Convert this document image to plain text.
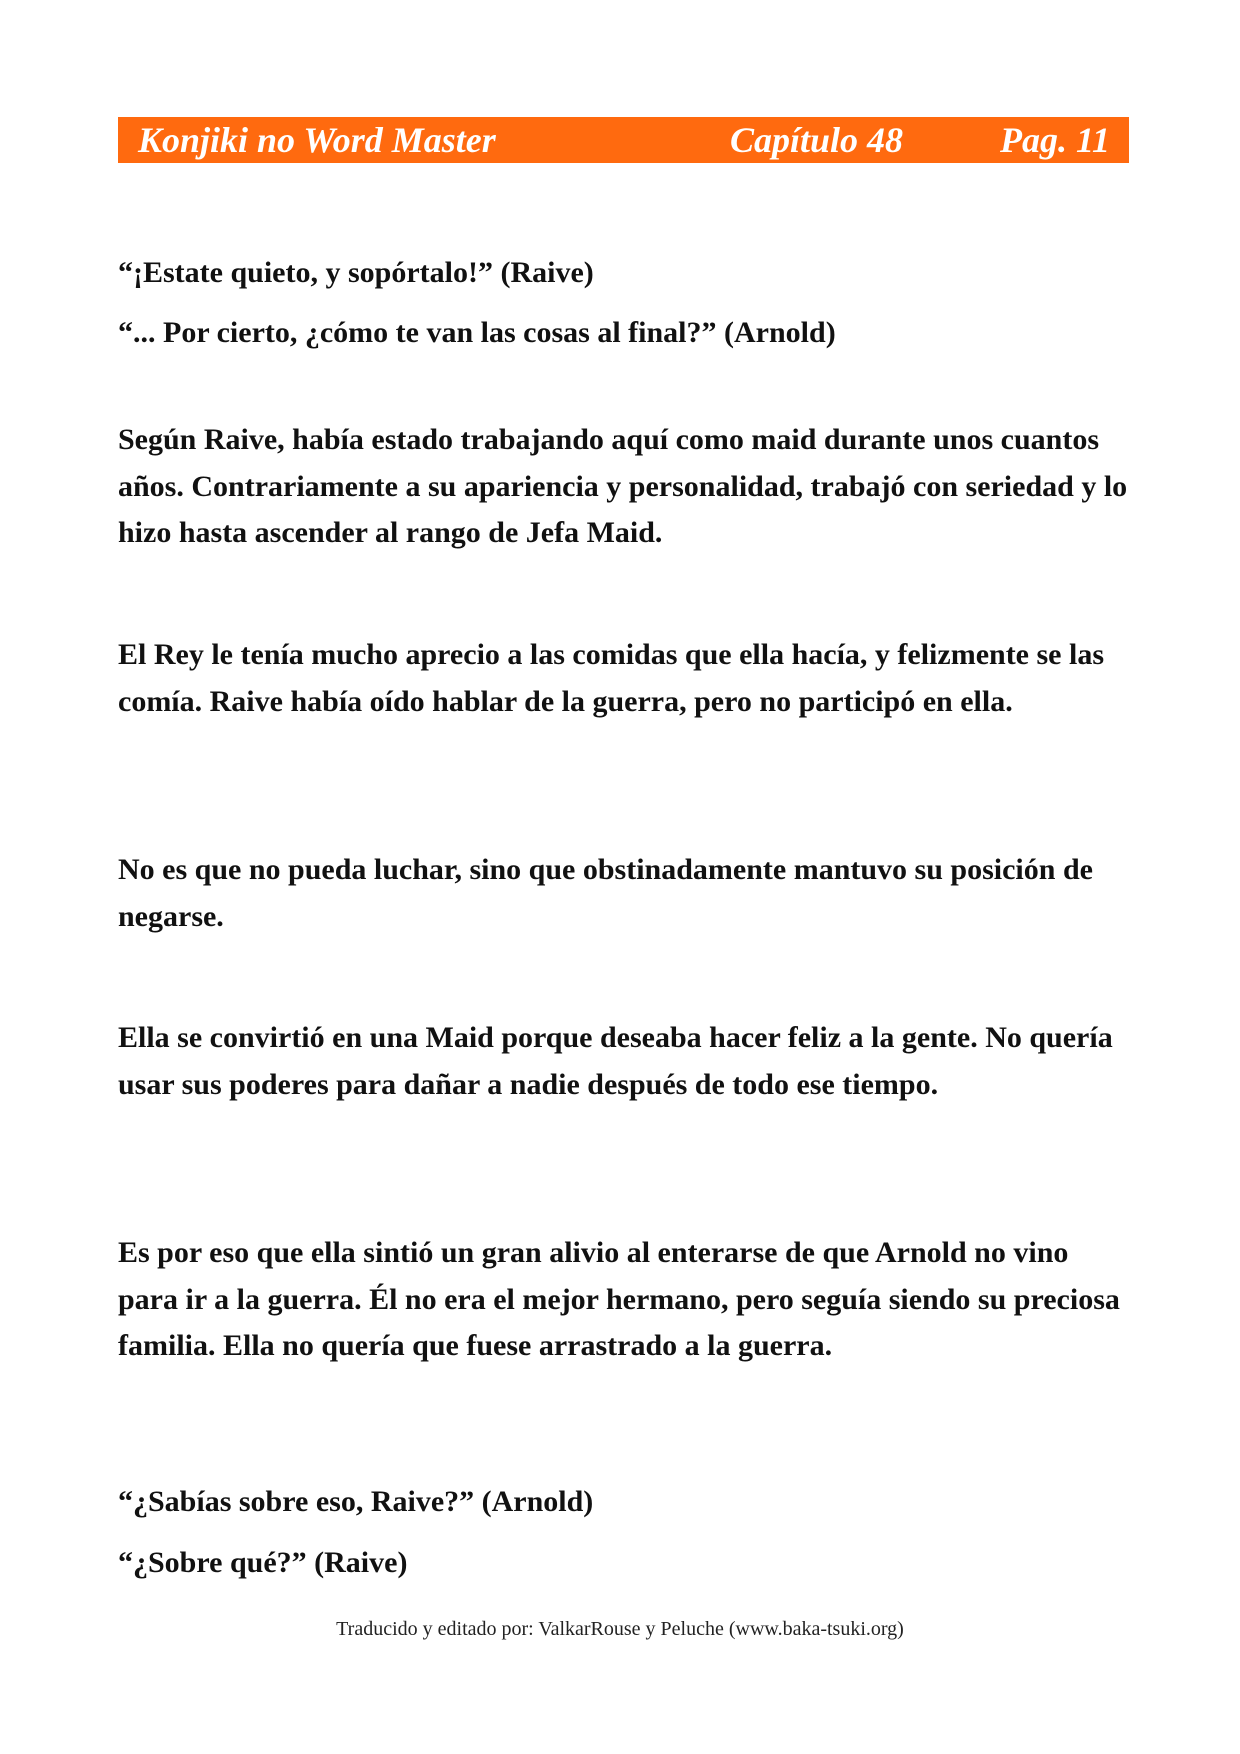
Konjiki no Word Master	Capítulo 48	Pag. 11
“¡Estate quieto, y sopórtalo!” (Raive)
“... Por cierto, ¿cómo te van las cosas al final?” (Arnold)
Según Raive, había estado trabajando aquí como maid durante unos cuantos años. Contrariamente a su apariencia y personalidad, trabajó con seriedad y lo hizo hasta ascender al rango de Jefa Maid.
El Rey le tenía mucho aprecio a las comidas que ella hacía, y felizmente se las comía. Raive había oído hablar de la guerra, pero no participó en ella.
No es que no pueda luchar, sino que obstinadamente mantuvo su posición de negarse.
Ella se convirtió en una Maid porque deseaba hacer feliz a la gente. No quería usar sus poderes para dañar a nadie después de todo ese tiempo.
Es por eso que ella sintió un gran alivio al enterarse de que Arnold no vino para ir a la guerra. Él no era el mejor hermano, pero seguía siendo su preciosa familia. Ella no quería que fuese arrastrado a la guerra.
“¿Sabías sobre eso, Raive?” (Arnold)
“¿Sobre qué?” (Raive)
Traducido y editado por: ValkarRouse y Peluche (www.baka-tsuki.org)
